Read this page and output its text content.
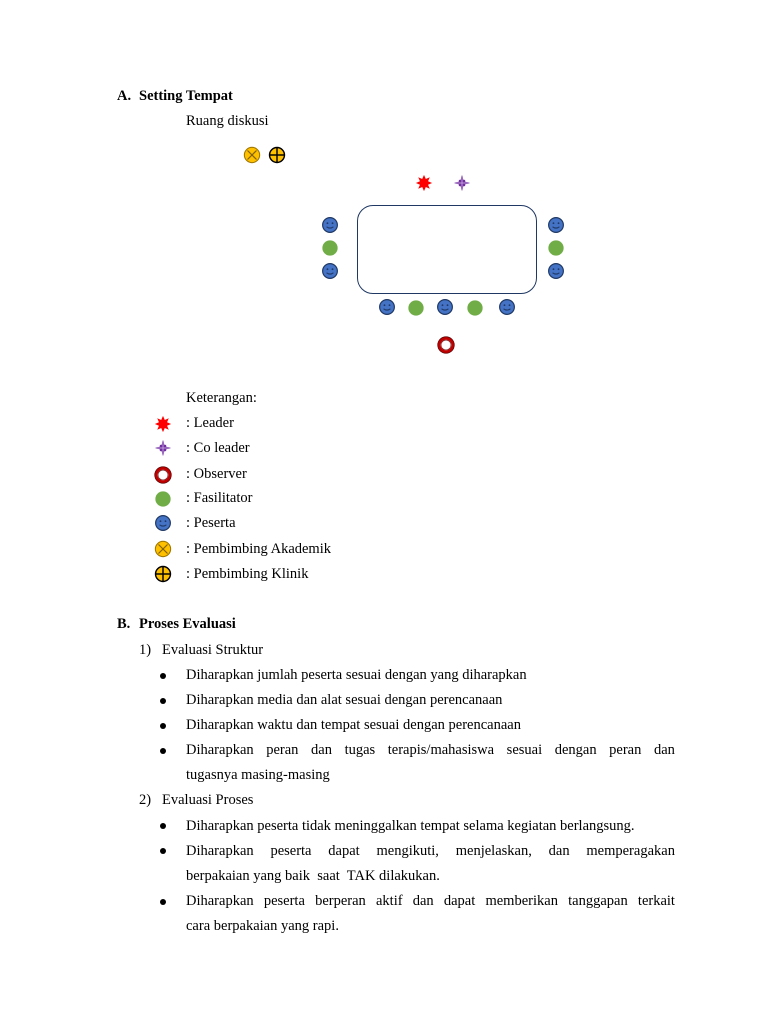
A. Setting Tempat
Ruang diskusi
Keterangan:
: Leader
: Co leader
: Observer
: Fasilitator
: Peserta
: Pembimbing Akademik
: Pembimbing Klinik
B. Proses Evaluasi
1) Evaluasi Struktur
Diharapkan jumlah peserta sesuai dengan yang diharapkan
Diharapkan media dan alat sesuai dengan perencanaan
Diharapkan waktu dan tempat sesuai dengan perencanaan
Diharapkan peran dan tugas terapis/mahasiswa sesuai dengan peran dan
tugasnya masing-masing
2) Evaluasi Proses
Diharapkan peserta tidak meninggalkan tempat selama kegiatan berlangsung.
Diharapkan peserta dapat mengikuti, menjelaskan, dan memperagakan
berpakaian yang baik  saat  TAK dilakukan.
Diharapkan peserta berperan aktif dan dapat memberikan tanggapan terkait
cara berpakaian yang rapi.
